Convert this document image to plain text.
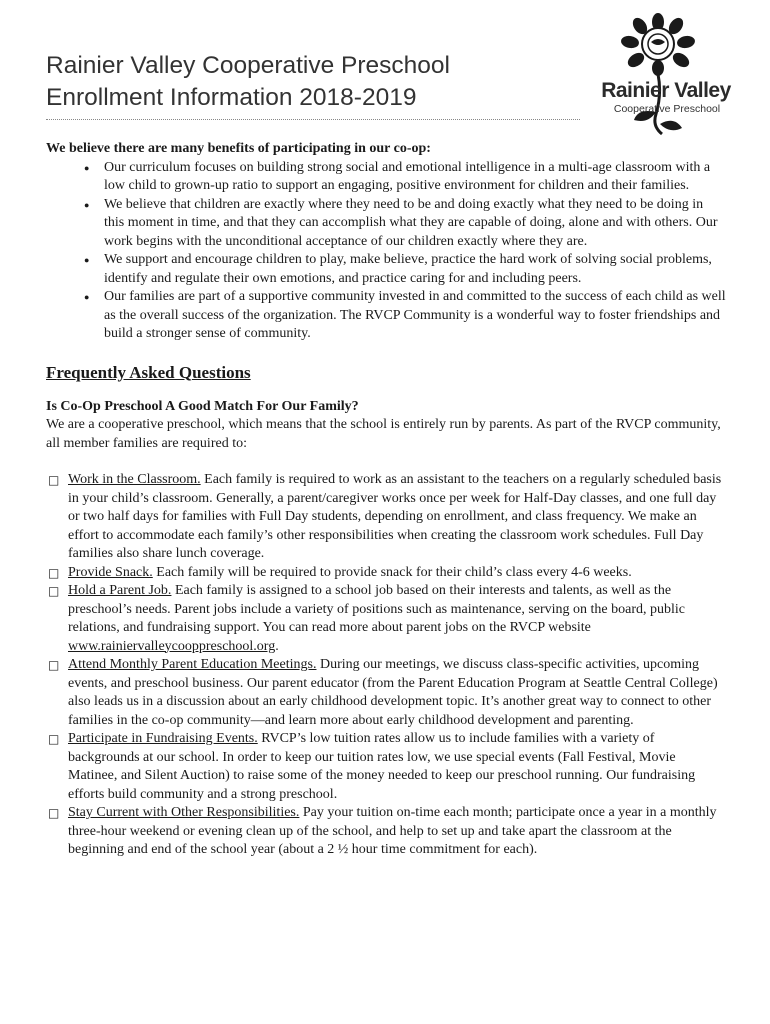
Rainier Valley Cooperative Preschool
Enrollment Information 2018-2019	Rainier Valley
Cooperative Preschool
We believe there are many benefits of participating in our co-op:
● Our curriculum focuses on building strong social and emotional intelligence in a multi-age classroom with a low child to grown-up ratio to support an engaging, positive environment for children and their families.
● We believe that children are exactly where they need to be and doing exactly what they need to be doing in this moment in time, and that they can accomplish what they are capable of doing, alone and with others. Our work begins with the unconditional acceptance of our children exactly where they are.
● We support and encourage children to play, make believe, practice the hard work of solving social problems, identify and regulate their own emotions, and practice caring for and including peers.
● Our families are part of a supportive community invested in and committed to the success of each child as well as the overall success of the organization. The RVCP Community is a wonderful way to foster friendships and build a stronger sense of community.
Frequently Asked Questions
Is Co-Op Preschool A Good Match For Our Family?
We are a cooperative preschool, which means that the school is entirely run by parents. As part of the RVCP community, all member families are required to:
□ Work in the Classroom. Each family is required to work as an assistant to the teachers on a regularly scheduled basis in your child’s classroom. Generally, a parent/caregiver works once per week for Half-Day classes, and one full day or two half days for families with Full Day students, depending on enrollment, and class frequency. We make an effort to accommodate each family’s other responsibilities when creating the classroom work schedules. Full Day families also share lunch coverage.
□ Provide Snack. Each family will be required to provide snack for their child’s class every 4-6 weeks.
□ Hold a Parent Job. Each family is assigned to a school job based on their interests and talents, as well as the preschool’s needs. Parent jobs include a variety of positions such as maintenance, serving on the board, public relations, and fundraising support. You can read more about parent jobs on the RVCP website www.rainiervalleycooppreschool.org.
□ Attend Monthly Parent Education Meetings. During our meetings, we discuss class-specific activities, upcoming events, and preschool business. Our parent educator (from the Parent Education Program at Seattle Central College) also leads us in a discussion about an early childhood development topic. It’s another great way to connect to other families in the co-op community—and learn more about early childhood development and parenting.
□ Participate in Fundraising Events. RVCP’s low tuition rates allow us to include families with a variety of backgrounds at our school. In order to keep our tuition rates low, we use special events (Fall Festival, Movie Matinee, and Silent Auction) to raise some of the money needed to keep our preschool running. Our fundraising efforts build community and a strong preschool.
□ Stay Current with Other Responsibilities. Pay your tuition on-time each month; participate once a year in a monthly three-hour weekend or evening clean up of the school, and help to set up and take apart the classroom at the beginning and end of the school year (about a 2 ½ hour time commitment for each).
